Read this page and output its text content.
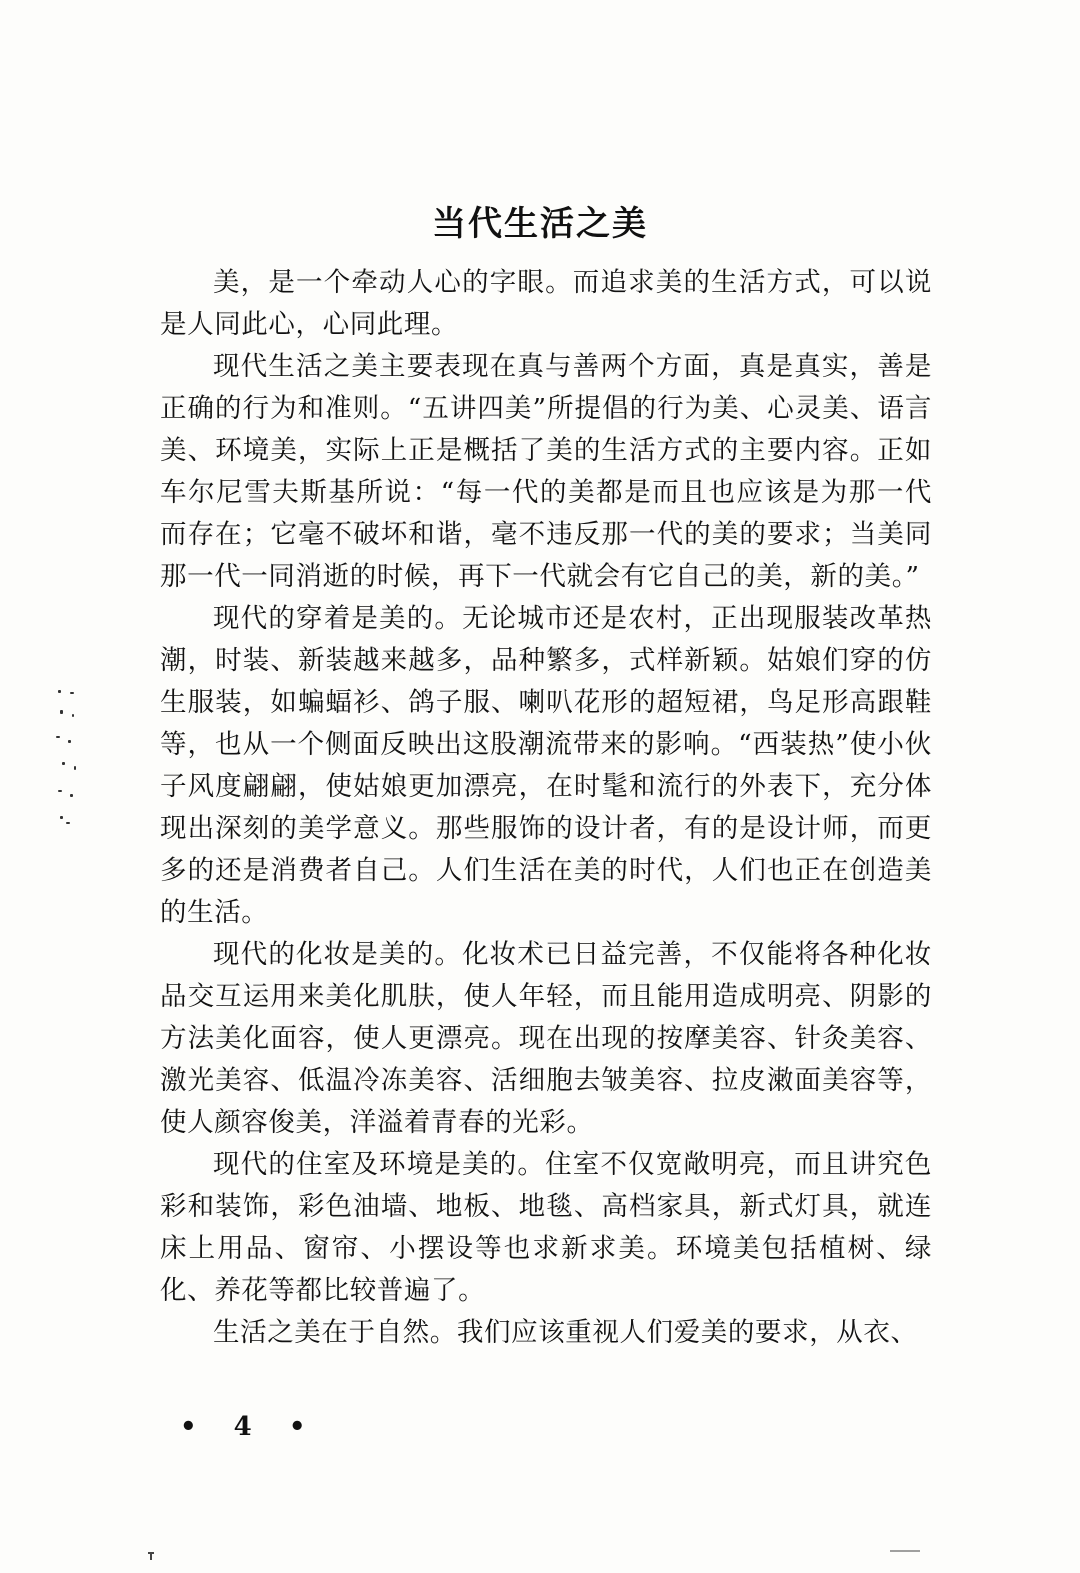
当代生活之美

美，是一个牵动人心的字眼。而追求美的生活方式，可以说是人同此心，心同此理。

现代生活之美主要表现在真与善两个方面，真是真实，善是正确的行为和准则。“五讲四美”所提倡的行为美、心灵美、语言美、环境美，实际上正是概括了美的生活方式的主要内容。正如车尔尼雪夫斯基所说：“每一代的美都是而且也应该是为那一代而存在；它毫不破坏和谐，毫不违反那一代的美的要求；当美同那一代一同消逝的时候，再下一代就会有它自己的美，新的美。”

现代的穿着是美的。无论城市还是农村，正出现服装改革热潮，时装、新装越来越多，品种繁多，式样新颖。姑娘们穿的仿生服装，如蝙蝠衫、鸽子服、喇叭花形的超短裙，鸟足形高跟鞋等，也从一个侧面反映出这股潮流带来的影响。“西装热”使小伙子风度翩翩，使姑娘更加漂亮，在时髦和流行的外表下，充分体现出深刻的美学意义。那些服饰的设计者，有的是设计师，而更多的还是消费者自己。人们生活在美的时代，人们也正在创造美的生活。

现代的化妆是美的。化妆术已日益完善，不仅能将各种化妆品交互运用来美化肌肤，使人年轻，而且能用造成明亮、阴影的方法美化面容，使人更漂亮。现在出现的按摩美容、针灸美容、激光美容、低温冷冻美容、活细胞去皱美容、拉皮潄面美容等，使人颜容俊美，洋溢着青春的光彩。

现代的住室及环境是美的。住室不仅宽敞明亮，而且讲究色彩和装饰，彩色油墙、地板、地毯、高档家具，新式灯具，就连床上用品、窗帘、小摆设等也求新求美。环境美包括植树、绿化、养花等都比较普遍了。

生活之美在于自然。我们应该重视人们爱美的要求，从衣、

• 4 •
